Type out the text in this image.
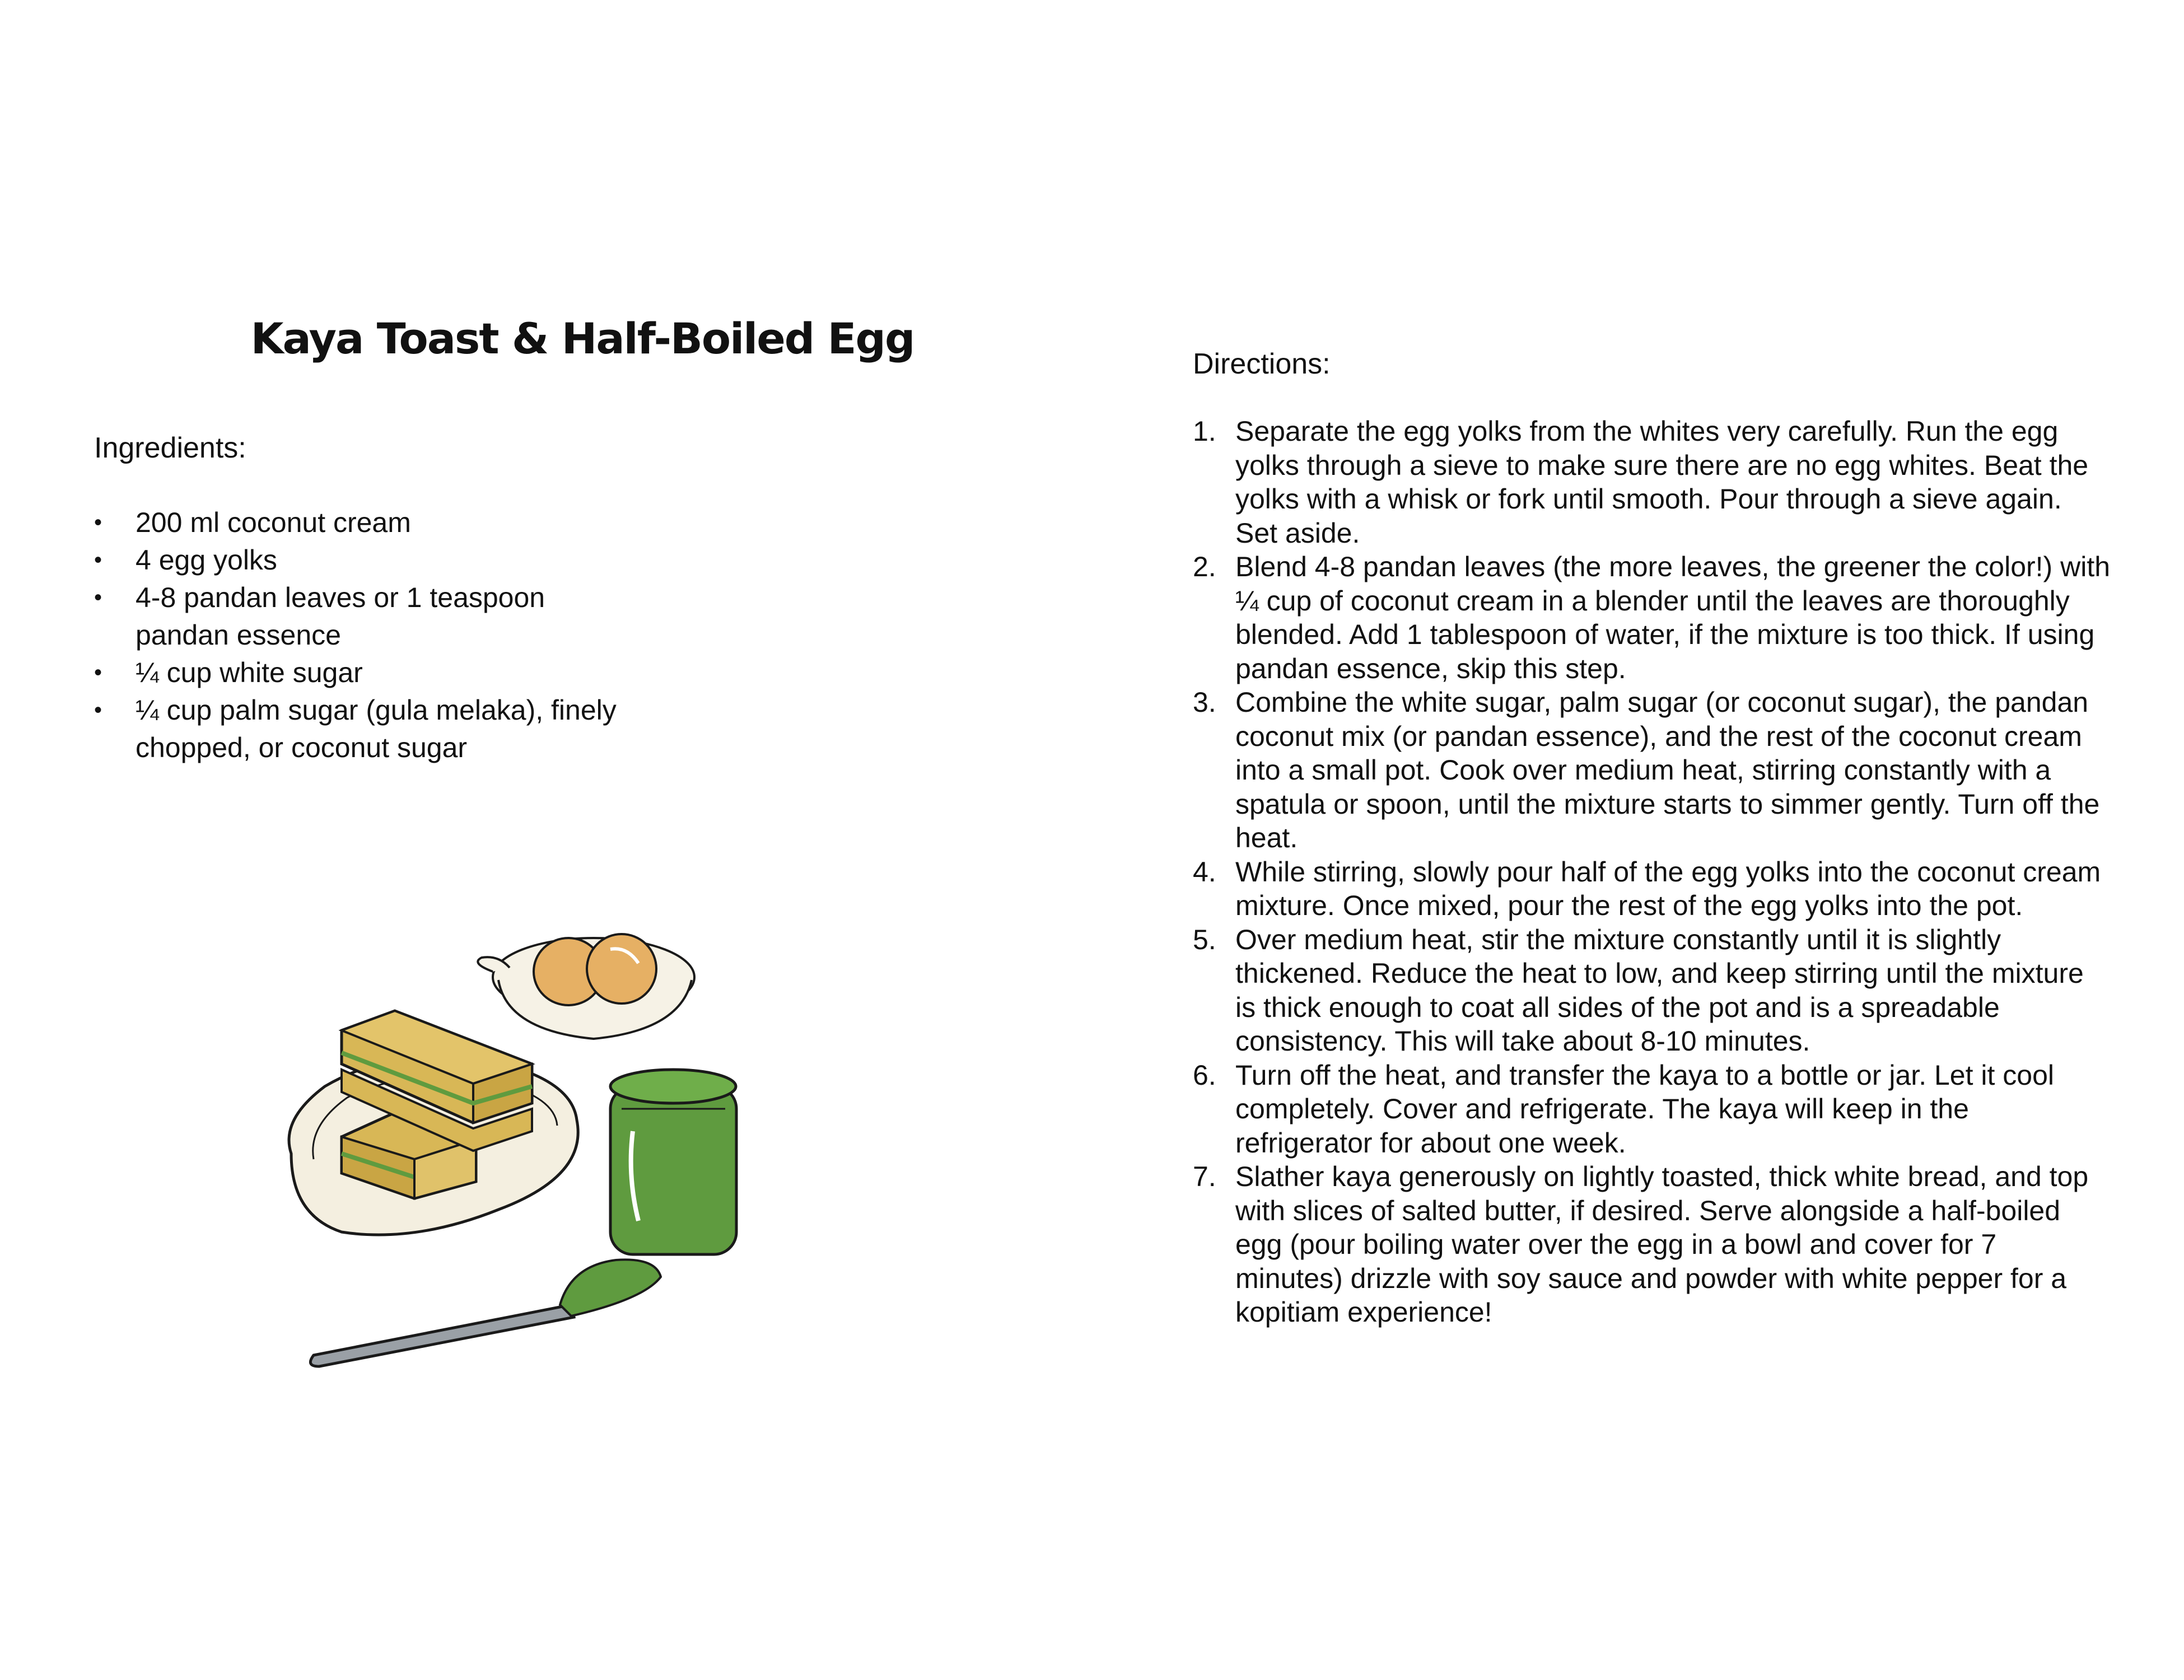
Kaya Toast & Half-Boiled Egg
Ingredients:
•	200 ml coconut cream
•	4 egg yolks
•	4-8 pandan leaves or 1 teaspoon pandan essence
•	¼ cup white sugar
•	¼ cup palm sugar (gula melaka), finely chopped, or coconut sugar
Directions:
1. Separate the egg yolks from the whites very carefully. Run the egg yolks through a sieve to make sure there are no egg whites. Beat the yolks with a whisk or fork until smooth. Pour through a sieve again. Set aside.
2. Blend 4-8 pandan leaves (the more leaves, the greener the color!) with ¼ cup of coconut cream in a blender until the leaves are thoroughly blended. Add 1 tablespoon of water, if the mixture is too thick. If using pandan essence, skip this step.
3. Combine the white sugar, palm sugar (or coconut sugar), the pandan coconut mix (or pandan essence), and the rest of the coconut cream into a small pot. Cook over medium heat, stirring constantly with a spatula or spoon, until the mixture starts to simmer gently. Turn off the heat.
4. While stirring, slowly pour half of the egg yolks into the coconut cream mixture. Once mixed, pour the rest of the egg yolks into the pot.
5. Over medium heat, stir the mixture constantly until it is slightly thickened. Reduce the heat to low, and keep stirring until the mixture is thick enough to coat all sides of the pot and is a spreadable consistency. This will take about 8-10 minutes.
6. Turn off the heat, and transfer the kaya to a bottle or jar. Let it cool completely. Cover and refrigerate. The kaya will keep in the refrigerator for about one week.
7. Slather kaya generously on lightly toasted, thick white bread, and top with slices of salted butter, if desired. Serve alongside a half-boiled egg (pour boiling water over the egg in a bowl and cover for 7 minutes) drizzle with soy sauce and powder with white pepper for a kopitiam experience!
